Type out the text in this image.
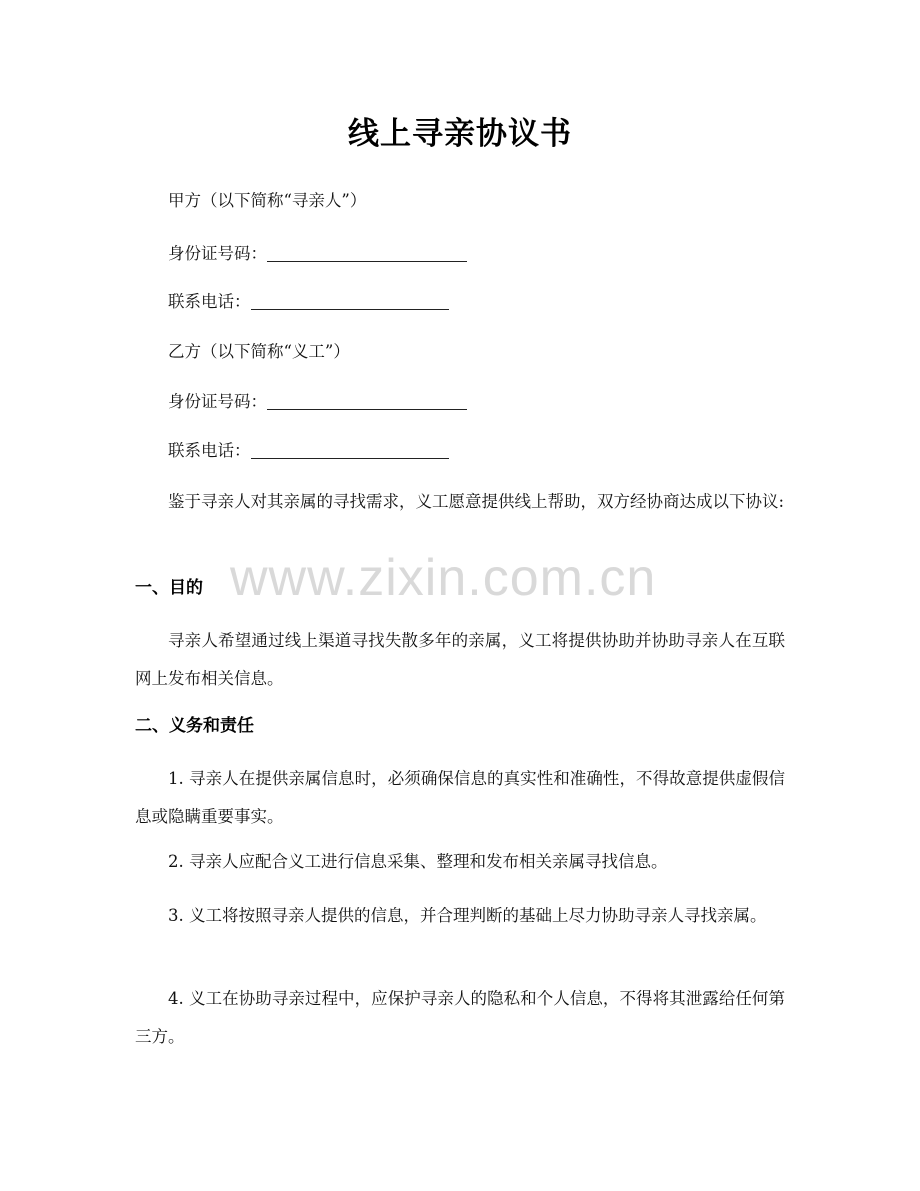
线上寻亲协议书
甲方（以下简称“寻亲人”）
身份证号码：
联系电话：
乙方（以下简称“义工”）
身份证号码：
联系电话：
鉴于寻亲人对其亲属的寻找需求，义工愿意提供线上帮助，双方经协商达成以下协议:
一、目的
寻亲人希望通过线上渠道寻找失散多年的亲属，义工将提供协助并协助寻亲人在互联网上发布相关信息。
二、义务和责任
1. 寻亲人在提供亲属信息时，必须确保信息的真实性和准确性，不得故意提供虚假信息或隐瞒重要事实。
2. 寻亲人应配合义工进行信息采集、整理和发布相关亲属寻找信息。
3. 义工将按照寻亲人提供的信息，并合理判断的基础上尽力协助寻亲人寻找亲属。
4. 义工在协助寻亲过程中，应保护寻亲人的隐私和个人信息，不得将其泄露给任何第三方。
www.zixin.com.cn
